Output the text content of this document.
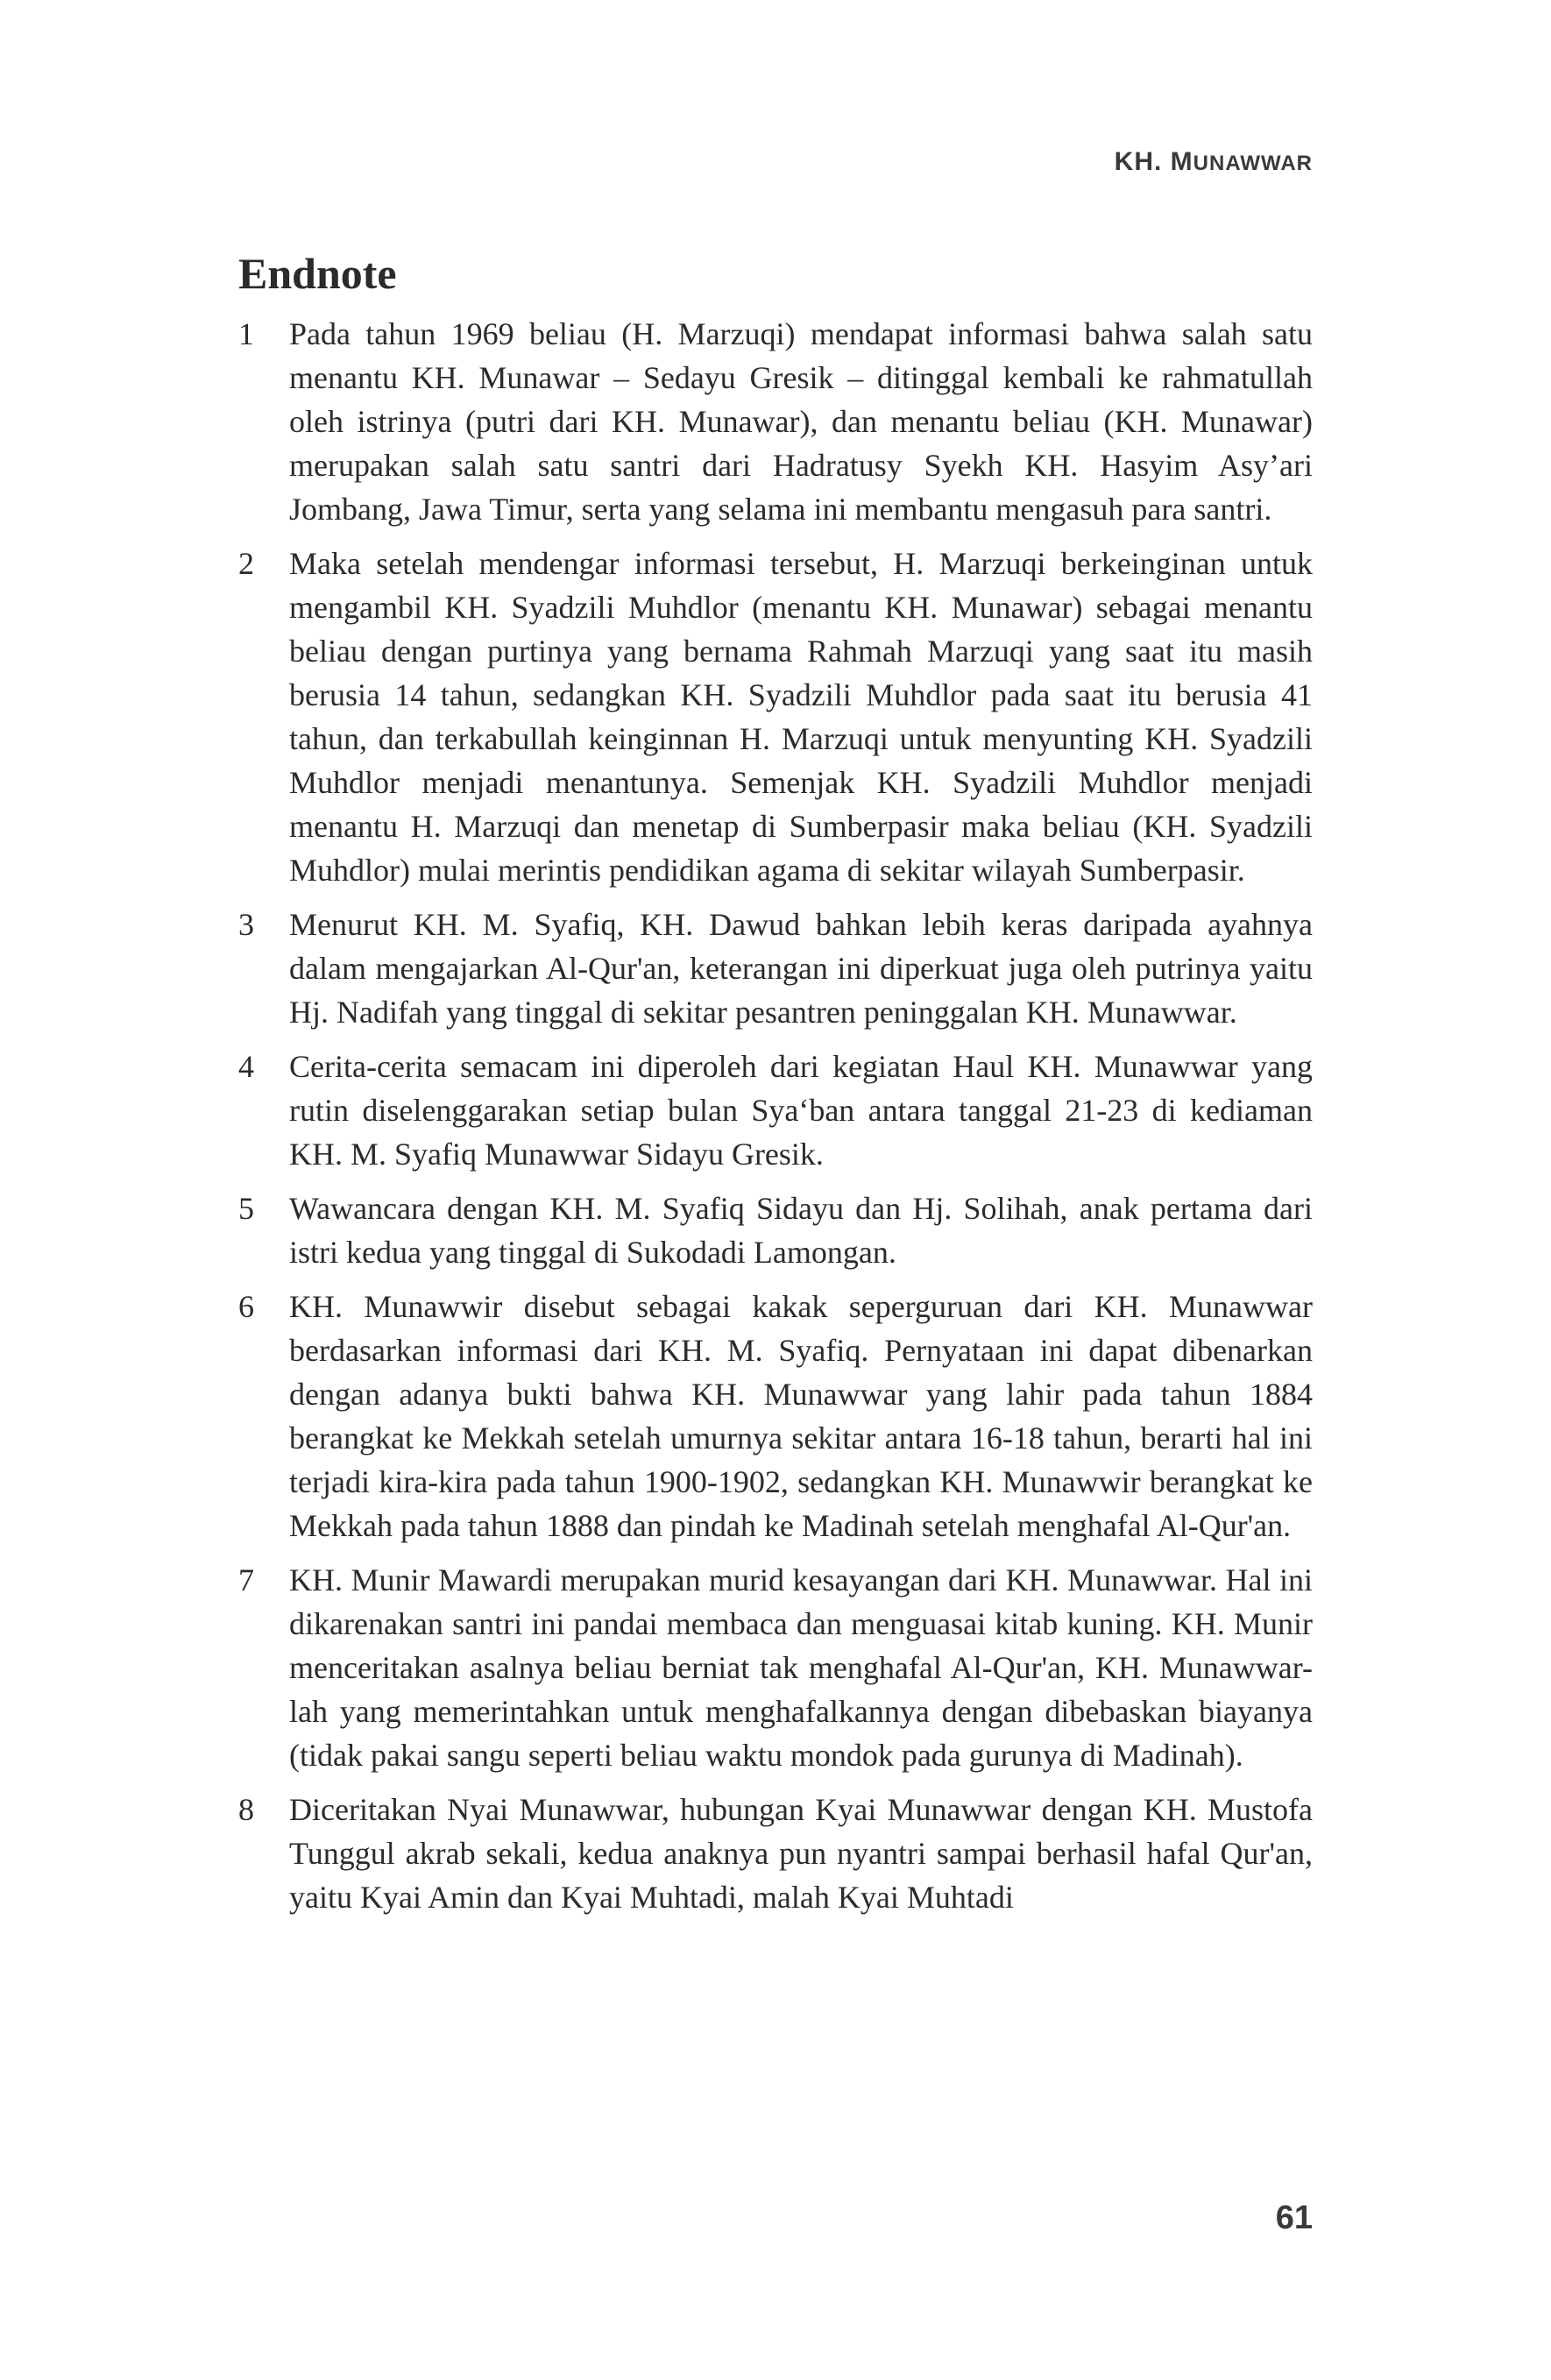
KH. MUNAWWAR
Endnote
1	Pada tahun 1969 beliau (H. Marzuqi) mendapat informasi bahwa salah satu menantu KH. Munawar – Sedayu Gresik – ditinggal kembali ke rahmatullah oleh istrinya (putri dari KH. Munawar), dan menantu beliau (KH. Munawar) merupakan salah satu santri dari Hadratusy Syekh KH. Hasyim Asy’ari Jombang, Jawa Timur, serta yang selama ini membantu mengasuh para santri.
2	Maka setelah mendengar informasi tersebut, H. Marzuqi berkeinginan untuk mengambil KH. Syadzili Muhdlor (menantu KH. Munawar) sebagai menantu beliau dengan purtinya yang bernama Rahmah Marzuqi yang saat itu masih berusia 14 tahun, sedangkan KH. Syadzili Muhdlor pada saat itu berusia 41 tahun, dan terkabullah keinginnan H. Marzuqi untuk menyunting KH. Syadzili Muhdlor menjadi menantunya. Semenjak KH. Syadzili Muhdlor menjadi menantu H. Marzuqi dan menetap di Sumberpasir maka beliau (KH. Syadzili Muhdlor) mulai merintis pendidikan agama di sekitar wilayah Sumberpasir.
3	Menurut KH. M. Syafiq, KH. Dawud bahkan lebih keras daripada ayahnya dalam mengajarkan Al-Qur'an, keterangan ini diperkuat juga oleh putrinya yaitu Hj. Nadifah yang tinggal di sekitar pesantren peninggalan KH. Munawwar.
4	Cerita-cerita semacam ini diperoleh dari kegiatan Haul KH. Munawwar yang rutin diselenggarakan setiap bulan Sya‘ban antara tanggal 21-23 di kediaman KH. M. Syafiq Munawwar Sidayu Gresik.
5	Wawancara dengan KH. M. Syafiq Sidayu dan Hj. Solihah, anak pertama dari istri kedua yang tinggal di Sukodadi Lamongan.
6	KH. Munawwir disebut sebagai kakak seperguruan dari KH. Munawwar berdasarkan informasi dari KH. M. Syafiq. Pernyataan ini dapat dibenarkan dengan adanya bukti bahwa KH. Munawwar yang lahir pada tahun 1884 berangkat ke Mekkah setelah umurnya sekitar antara 16-18 tahun, berarti hal ini terjadi kira-kira pada tahun 1900-1902, sedangkan KH. Munawwir berangkat ke Mekkah pada tahun 1888 dan pindah ke Madinah setelah menghafal Al-Qur'an.
7	KH. Munir Mawardi merupakan murid kesayangan dari KH. Munawwar. Hal ini dikarenakan santri ini pandai membaca dan menguasai kitab kuning. KH. Munir menceritakan asalnya beliau berniat tak menghafal Al-Qur'an, KH. Munawwar-lah yang memerintahkan untuk menghafalkannya dengan dibebaskan biayanya (tidak pakai sangu seperti beliau waktu mondok pada gurunya di Madinah).
8	Diceritakan Nyai Munawwar, hubungan Kyai Munawwar dengan KH. Mustofa Tunggul akrab sekali, kedua anaknya pun nyantri sampai berhasil hafal Qur'an, yaitu Kyai Amin dan Kyai Muhtadi, malah Kyai Muhtadi
61
